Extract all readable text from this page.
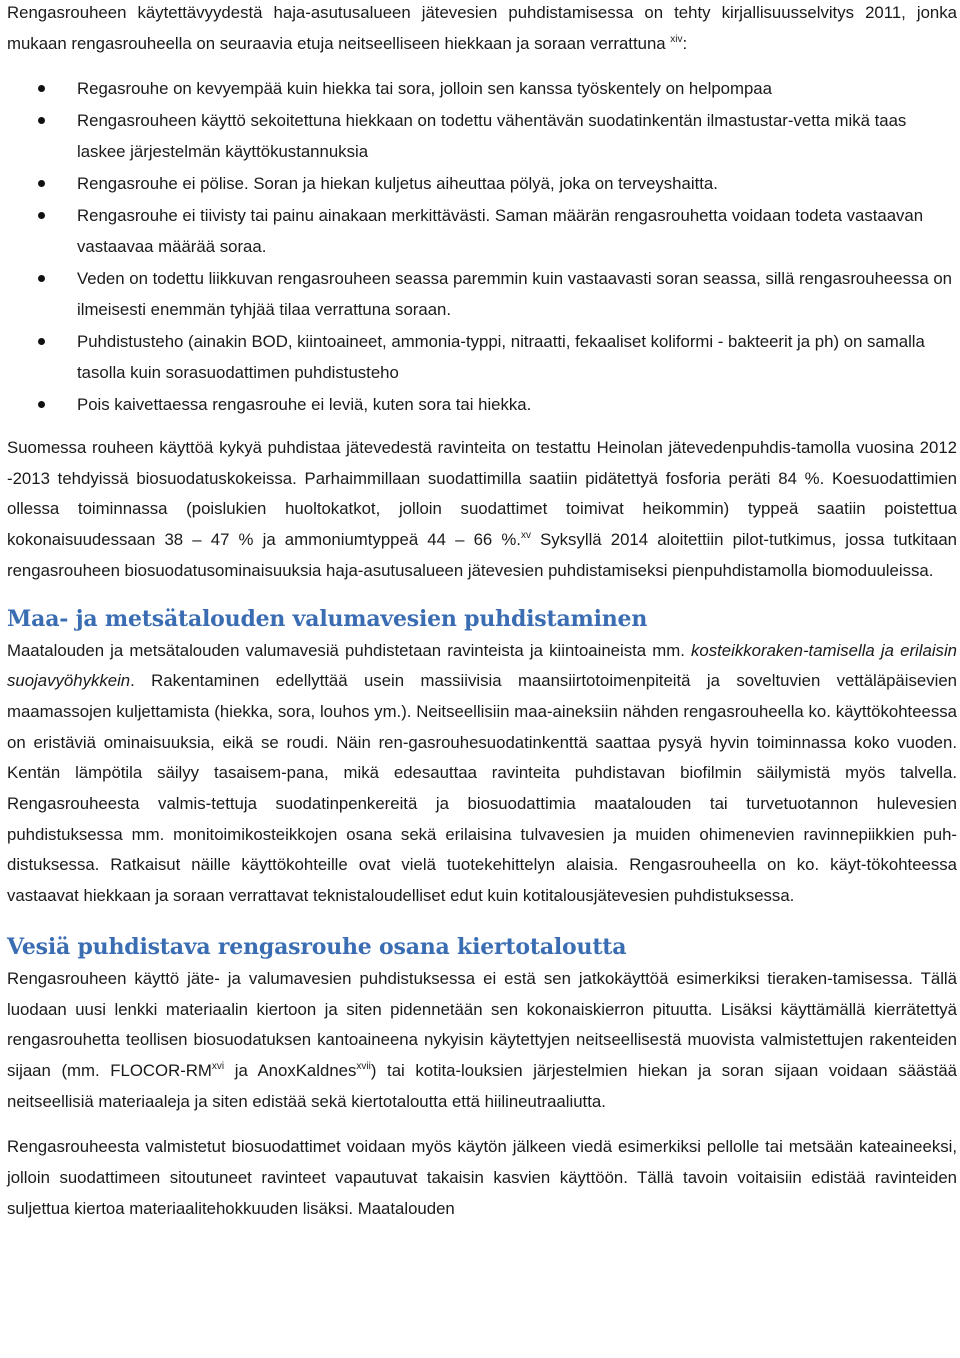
Rengasrouheen käytettävyydestä haja-asutusalueen jätevesien puhdistamisessa on tehty kirjallisuusselvitys 2011, jonka mukaan rengasrouheella on seuraavia etuja neitseelliseen hiekkaan ja soraan verrattuna $^{xiv}$:

Regasrouhe on kevyempää kuin hiekka tai sora, jolloin sen kanssa työskentely on helpompaa
Rengasrouheen käyttö sekoitettuna hiekkaan on todettu vähentävän suodatinkentän ilmastustar-vetta mikä taas laskee järjestelmän käyttökustannuksia
Rengasrouhe ei pölise. Soran ja hiekan kuljetus aiheuttaa pölyä, joka on terveyshaitta.
Rengasrouhe ei tiivisty tai painu ainakaan merkittävästi. Saman määrän rengasrouhetta voidaan todeta vastaavan vastaavaa määrää soraa.
Veden on todettu liikkuvan rengasrouheen seassa paremmin kuin vastaavasti soran seassa, sillä rengasrouheessa on ilmeisesti enemmän tyhjää tilaa verrattuna soraan.
Puhdistusteho (ainakin BOD, kiintoaineet, ammonia-typpi, nitraatti, fekaaliset koliformi - bakteerit ja ph) on samalla tasolla kuin sorasuodattimen puhdistusteho
Pois kaivettaessa rengasrouhe ei leviä, kuten sora tai hiekka.

Suomessa rouheen käyttöä kykyä puhdistaa jätevedestä ravinteita on testattu Heinolan jätevedenpuhdis-tamolla vuosina 2012 -2013 tehdyissä biosuodatuskokeissa. Parhaimmillaan suodattimilla saatiin pidätettyä fosforia peräti 84 %. Koesuodattimien ollessa toiminnassa (poislukien huoltokatkot, jolloin suodattimet toimivat heikommin) typpeä saatiin poistettua kokonaisuudessaan 38 – 47 % ja ammoniumtyppeä 44 – 66 %.$^{xv}$ Syksyllä 2014 aloitettiin pilot-tutkimus, jossa tutkitaan rengasrouheen biosuodatusominaisuuksia haja-asutusalueen jätevesien puhdistamiseksi pienpuhdistamolla biomoduuleissa.

Maa- ja metsätalouden valumavesien puhdistaminen

Maatalouden ja metsätalouden valumavesiä puhdistetaan ravinteista ja kiintoaineista mm. kosteikkoraken-tamisella ja erilaisin suojavyöhykkein. Rakentaminen edellyttää usein massiivisia maansiirtotoimenpiteitä ja soveltuvien vettäläpäisevien maamassojen kuljettamista (hiekka, sora, louhos ym.). Neitseellisiin maa-aineksiin nähden rengasrouheella ko. käyttökohteessa on eristäviä ominaisuuksia, eikä se roudi. Näin ren-gasrouhesuodatinkenttä saattaa pysyä hyvin toiminnassa koko vuoden. Kentän lämpötila säilyy tasaisem-pana, mikä edesauttaa ravinteita puhdistavan biofilmin säilymistä myös talvella. Rengasrouheesta valmis-tettuja suodatinpenkereitä ja biosuodattimia maatalouden tai turvetuotannon hulevesien puhdistuksessa mm. monitoimikosteikkojen osana sekä erilaisina tulvavesien ja muiden ohimenevien ravinnepiikkien puh-distuksessa. Ratkaisut näille käyttökohteille ovat vielä tuotekehittelyn alaisia. Rengasrouheella on ko. käyt-tökohteessa vastaavat hiekkaan ja soraan verrattavat teknistaloudelliset edut kuin kotitalousjätevesien puhdistuksessa.

Vesiä puhdistava rengasrouhe osana kiertotaloutta

Rengasrouheen käyttö jäte- ja valumavesien puhdistuksessa ei estä sen jatkokäyttöä esimerkiksi tieraken-tamisessa. Tällä luodaan uusi lenkki materiaalin kiertoon ja siten pidennetään sen kokonaiskierron pituutta. Lisäksi käyttämällä kierrätettyä rengasrouhetta teollisen biosuodatuksen kantoaineena nykyisin käytettyjen neitseellisestä muovista valmistettujen rakenteiden sijaan (mm. FLOCOR-RM$^{xvi}$ ja AnoxKaldnes$^{xvii}$) tai kotita-louksien järjestelmien hiekan ja soran sijaan voidaan säästää neitseellisiä materiaaleja ja siten edistää sekä kiertotaloutta että hiilineutraaliutta.

Rengasrouheesta valmistetut biosuodattimet voidaan myös käytön jälkeen viedä esimerkiksi pellolle tai metsään kateaineeksi, jolloin suodattimeen sitoutuneet ravinteet vapautuvat takaisin kasvien käyttöön. Tällä tavoin voitaisiin edistää ravinteiden suljettua kiertoa materiaalitehokkuuden lisäksi. Maatalouden
